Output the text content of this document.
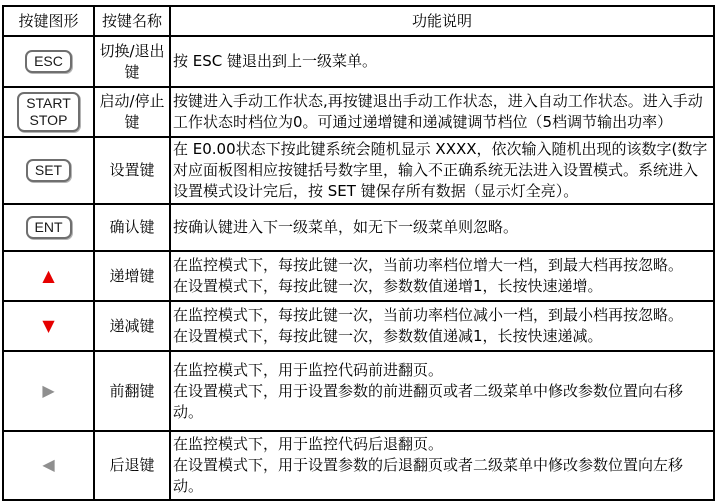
按键图形	按键名称	功能说明

ESC	切换/退出键	按 ESC 键退出到上一级菜单。

START
STOP	启动/停止键	按键进入手动工作状态,再按键退出手动工作状态，进入自动工作状态。进入手动工作状态时档位为0。可通过递增键和递减键调节档位（5档调节输出功率）

SET	设置键	在 E0.00状态下按此键系统会随机显示 XXXX，依次输入随机出现的该数字(数字对应面板图相应按键括号数字里，输入不正确系统无法进入设置模式。系统进入设置模式设计完后，按 SET 键保存所有数据（显示灯全亮）。

ENT	确认键	按确认键进入下一级菜单，如无下一级菜单则忽略。

▲	递增键	在监控模式下，每按此键一次，当前功率档位增大一档，到最大档再按忽略。
在设置模式下，每按此键一次，参数数值递增1，长按快速递增。

▼	递减键	在监控模式下，每按此键一次，当前功率档位减小一档，到最小档再按忽略。
在设置模式下，每按此键一次，参数数值递减1，长按快速递减。

▶	前翻键	在监控模式下，用于监控代码前进翻页。
在设置模式下，用于设置参数的前进翻页或者二级菜单中修改参数位置向右移动。

◀	后退键	在监控模式下，用于监控代码后退翻页。
在设置模式下，用于设置参数的后退翻页或者二级菜单中修改参数位置向左移动。
